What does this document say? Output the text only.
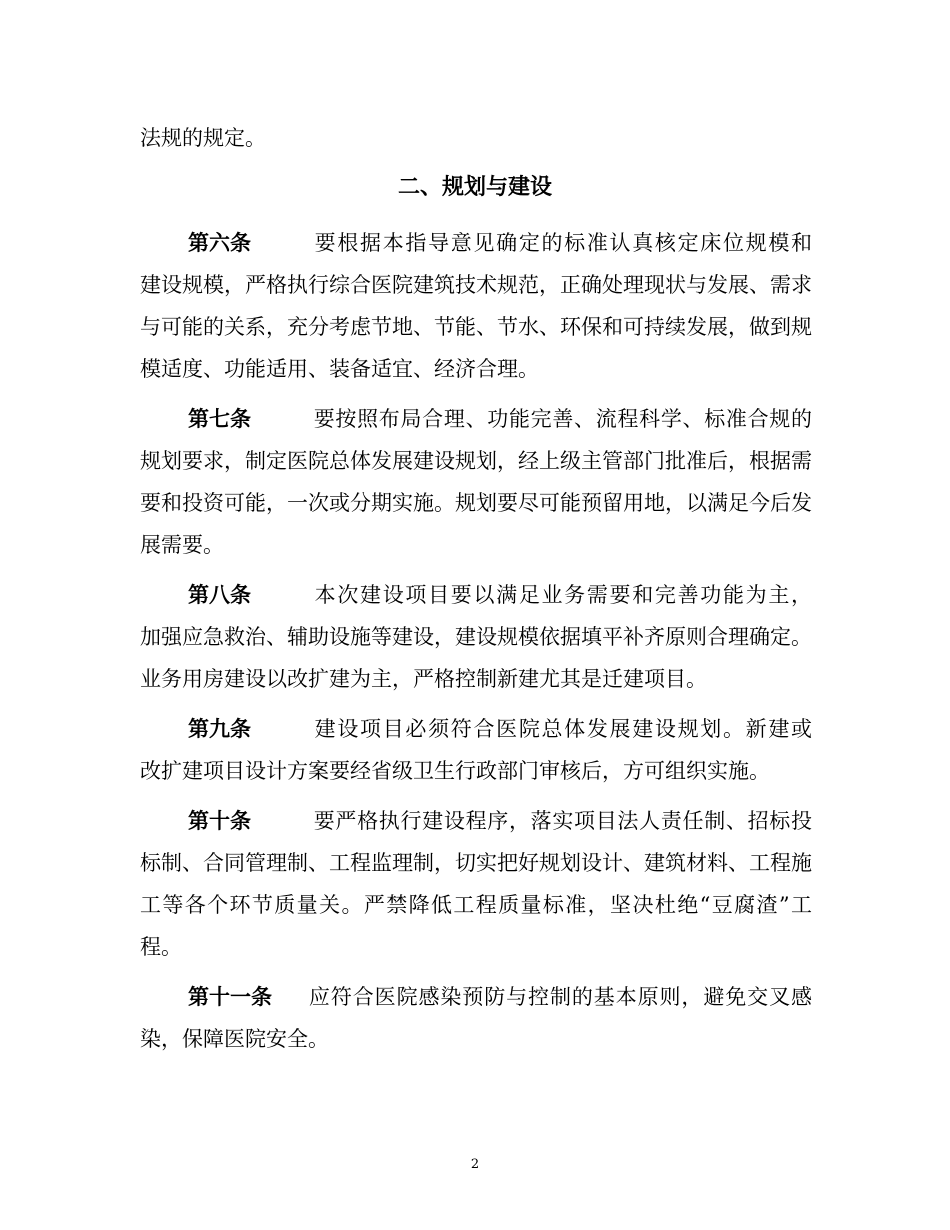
法规的规定。
二、规划与建设
第六条	要根据本指导意见确定的标准认真核定床位规模和
建设规模，严格执行综合医院建筑技术规范，正确处理现状与发展、需求
与可能的关系，充分考虑节地、节能、节水、环保和可持续发展，做到规
模适度、功能适用、装备适宜、经济合理。
第七条	要按照布局合理、功能完善、流程科学、标准合规的
规划要求，制定医院总体发展建设规划，经上级主管部门批准后，根据需
要和投资可能，一次或分期实施。规划要尽可能预留用地，以满足今后发
展需要。
第八条	本次建设项目要以满足业务需要和完善功能为主，
加强应急救治、辅助设施等建设，建设规模依据填平补齐原则合理确定。
业务用房建设以改扩建为主，严格控制新建尤其是迁建项目。
第九条	建设项目必须符合医院总体发展建设规划。新建或
改扩建项目设计方案要经省级卫生行政部门审核后，方可组织实施。
第十条	要严格执行建设程序，落实项目法人责任制、招标投
标制、合同管理制、工程监理制，切实把好规划设计、建筑材料、工程施
工等各个环节质量关。严禁降低工程质量标准，坚决杜绝“豆腐渣”工
程。
第十一条 应符合医院感染预防与控制的基本原则，避免交叉感
染，保障医院安全。
2
